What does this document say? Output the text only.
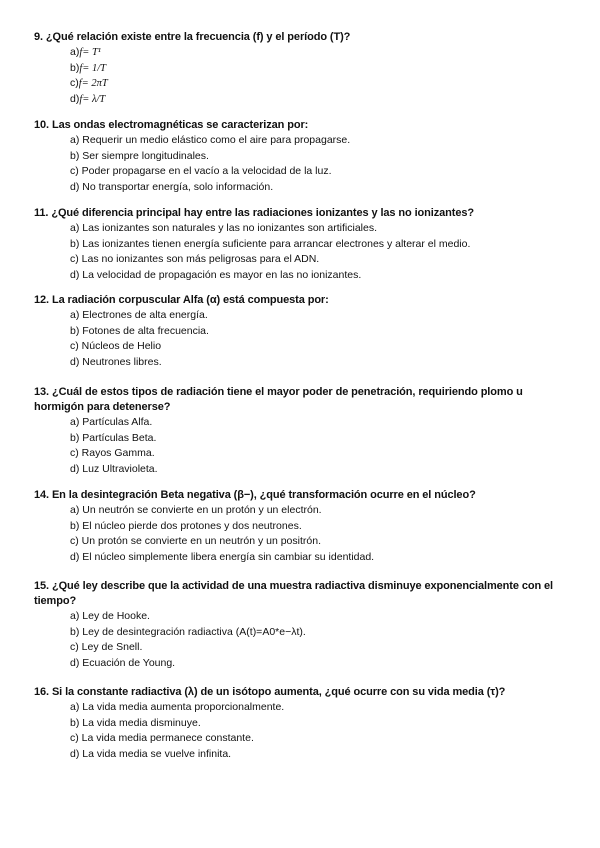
9. ¿Qué relación existe entre la frecuencia (f) y el período (T)?

a)f= T¹
b)f= 1/T
c)f= 2πT
d)f= λ/T

10. Las ondas electromagnéticas se caracterizan por:

a) Requerir un medio elástico como el aire para propagarse.
b) Ser siempre longitudinales.
c) Poder propagarse en el vacío a la velocidad de la luz.
d) No transportar energía, solo información.

11. ¿Qué diferencia principal hay entre las radiaciones ionizantes y las no ionizantes?

a) Las ionizantes son naturales y las no ionizantes son artificiales.
b) Las ionizantes tienen energía suficiente para arrancar electrones y alterar el medio.
c) Las no ionizantes son más peligrosas para el ADN.
d) La velocidad de propagación es mayor en las no ionizantes.

12. La radiación corpuscular Alfa (α) está compuesta por:

a) Electrones de alta energía.
b) Fotones de alta frecuencia.
c) Núcleos de Helio
d) Neutrones libres.

13. ¿Cuál de estos tipos de radiación tiene el mayor poder de penetración, requiriendo plomo u hormigón para detenerse?

a) Partículas Alfa.
b) Partículas Beta.
c) Rayos Gamma.
d) Luz Ultravioleta.

14. En la desintegración Beta negativa (β−), ¿qué transformación ocurre en el núcleo?

a) Un neutrón se convierte en un protón y un electrón.
b) El núcleo pierde dos protones y dos neutrones.
c) Un protón se convierte en un neutrón y un positrón.
d) El núcleo simplemente libera energía sin cambiar su identidad.

15. ¿Qué ley describe que la actividad de una muestra radiactiva disminuye exponencialmente con el tiempo?

a) Ley de Hooke.
b) Ley de desintegración radiactiva (A(t)=A0*e−λt).
c) Ley de Snell.
d) Ecuación de Young.

16. Si la constante radiactiva (λ) de un isótopo aumenta, ¿qué ocurre con su vida media (τ)?

a) La vida media aumenta proporcionalmente.
b) La vida media disminuye.
c) La vida media permanece constante.
d) La vida media se vuelve infinita.
